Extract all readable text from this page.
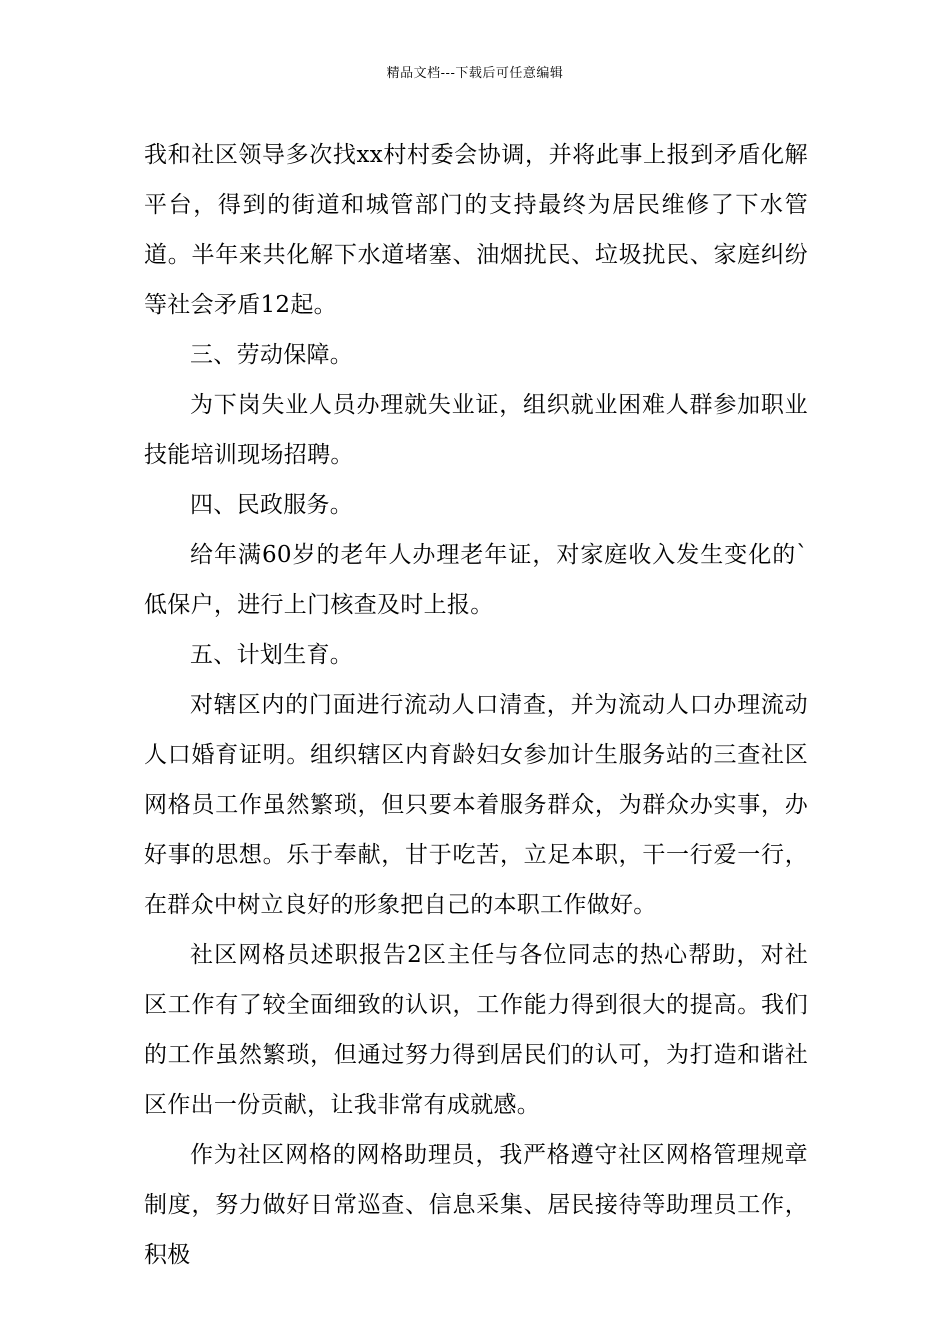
精品文档---下载后可任意编辑

我和社区领导多次找xx村村委会协调，并将此事上报到矛盾化解平台，得到的街道和城管部门的支持最终为居民维修了下水管道。半年来共化解下水道堵塞、油烟扰民、垃圾扰民、家庭纠纷等社会矛盾12起。

三、劳动保障。

为下岗失业人员办理就失业证，组织就业困难人群参加职业技能培训现场招聘。

四、民政服务。

给年满60岁的老年人办理老年证，对家庭收入发生变化的`低保户，进行上门核查及时上报。

五、计划生育。

对辖区内的门面进行流动人口清查，并为流动人口办理流动人口婚育证明。组织辖区内育龄妇女参加计生服务站的三查社区网格员工作虽然繁琐，但只要本着服务群众，为群众办实事，办好事的思想。乐于奉献，甘于吃苦，立足本职，干一行爱一行，在群众中树立良好的形象把自己的本职工作做好。

社区网格员述职报告2区主任与各位同志的热心帮助，对社区工作有了较全面细致的认识，工作能力得到很大的提高。我们的工作虽然繁琐，但通过努力得到居民们的认可，为打造和谐社区作出一份贡献，让我非常有成就感。

作为社区网格的网格助理员，我严格遵守社区网格管理规章制度，努力做好日常巡查、信息采集、居民接待等助理员工作，积极
